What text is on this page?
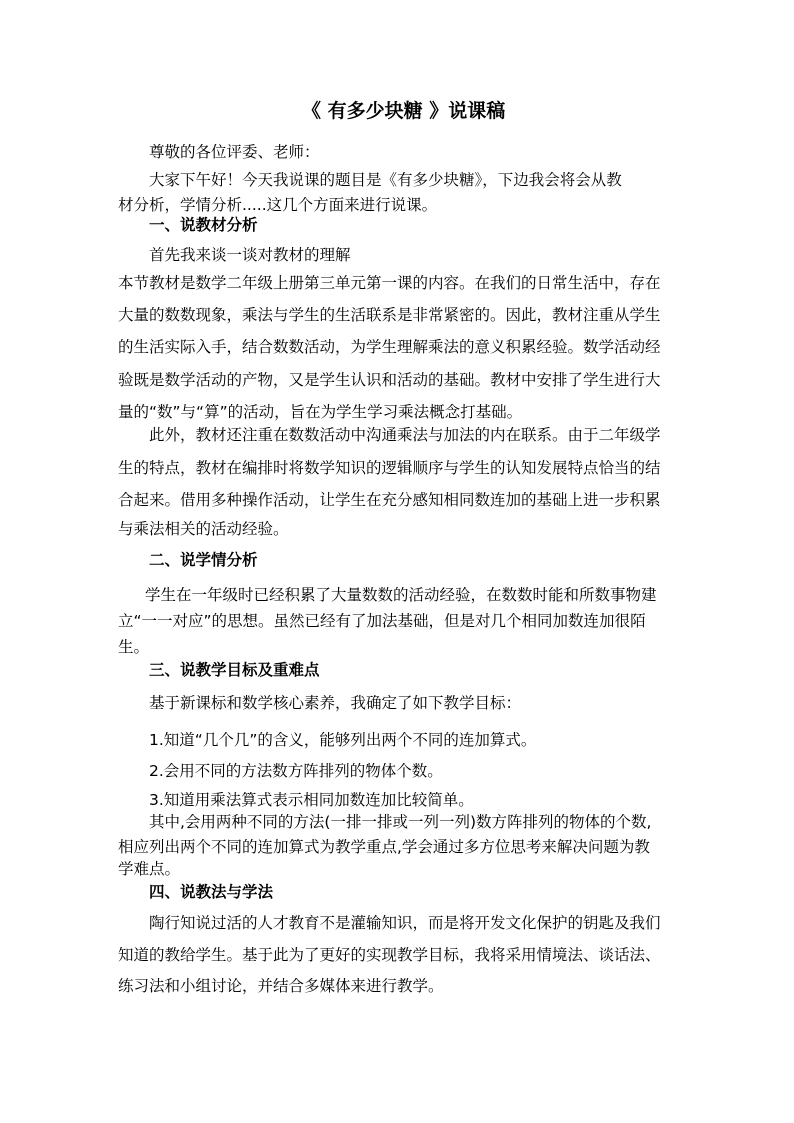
《 有多少块糖 》说课稿
尊敬的各位评委、老师：
大家下午好！今天我说课的题目是《有多少块糖》，下边我会将会从教
材分析，学情分析.....这几个方面来进行说课。
一、说教材分析
首先我来谈一谈对教材的理解
本节教材是数学二年级上册第三单元第一课的内容。在我们的日常生活中，存在
大量的数数现象，乘法与学生的生活联系是非常紧密的。因此，教材注重从学生
的生活实际入手，结合数数活动，为学生理解乘法的意义积累经验。数学活动经
验既是数学活动的产物，又是学生认识和活动的基础。教材中安排了学生进行大
量的“数”与“算”的活动，旨在为学生学习乘法概念打基础。
此外，教材还注重在数数活动中沟通乘法与加法的内在联系。由于二年级学
生的特点，教材在编排时将数学知识的逻辑顺序与学生的认知发展特点恰当的结
合起来。借用多种操作活动，让学生在充分感知相同数连加的基础上进一步积累
与乘法相关的活动经验。
二、说学情分析
学生在一年级时已经积累了大量数数的活动经验，在数数时能和所数事物建
立“一一对应”的思想。虽然已经有了加法基础，但是对几个相同加数连加很陌
生。
三、说教学目标及重难点
基于新课标和数学核心素养，我确定了如下教学目标：
1.知道“几个几”的含义，能够列出两个不同的连加算式。
2.会用不同的方法数方阵排列的物体个数。
3.知道用乘法算式表示相同加数连加比较简单。
其中,会用两种不同的方法(一排一排或一列一列)数方阵排列的物体的个数,
相应列出两个不同的连加算式为教学重点,学会通过多方位思考来解决问题为教
学难点。
四、说教法与学法
陶行知说过活的人才教育不是灌输知识，而是将开发文化保护的钥匙及我们
知道的教给学生。基于此为了更好的实现教学目标，我将采用情境法、谈话法、
练习法和小组讨论，并结合多媒体来进行教学。
